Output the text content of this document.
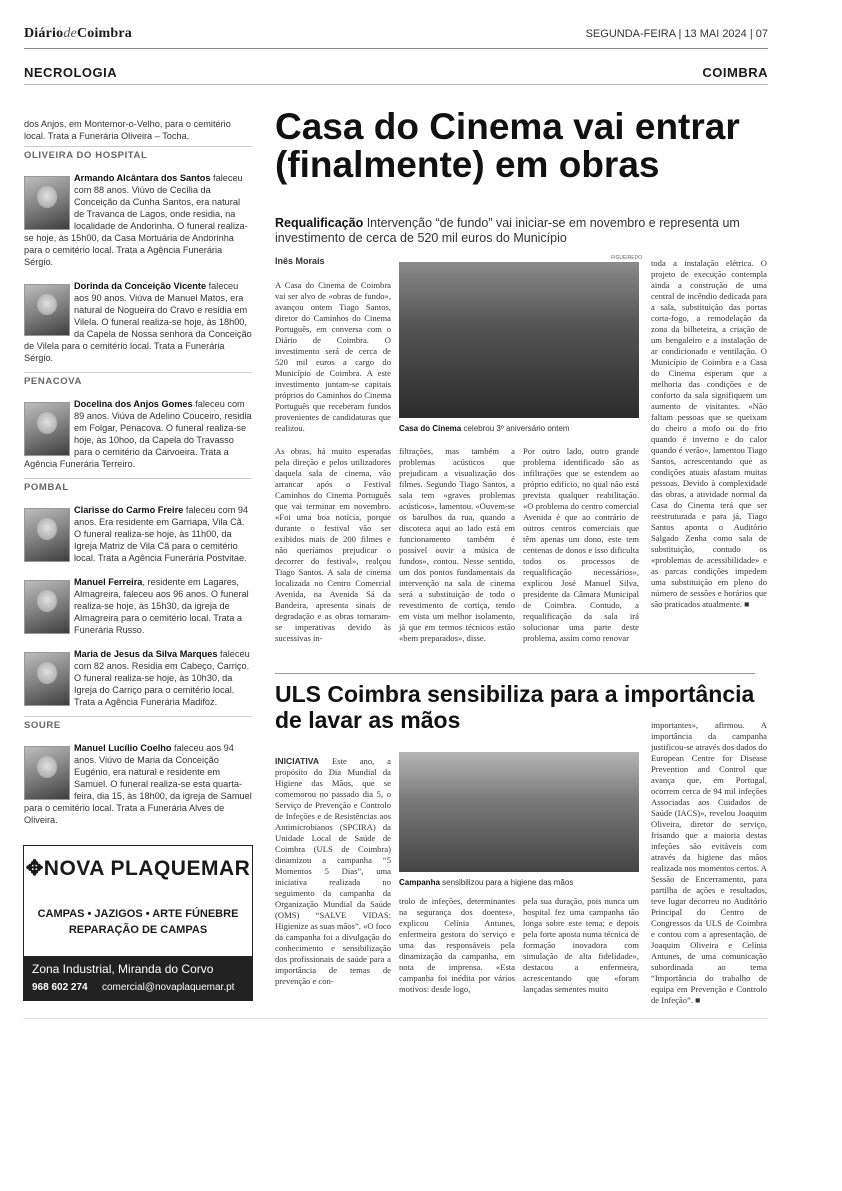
DiáriodeCoimbra	SEGUNDA-FEIRA | 13 MAI 2024 | 07
NECROLOGIA	COIMBRA
dos Anjos, em Montemor-o-Velho, para o cemitério local. Trata a Funerária Oliveira – Tocha.
OLIVEIRA DO HOSPITAL
Armando Alcântara dos Santos faleceu com 88 anos. Viúvo de Cecília da Conceição da Cunha Santos, era natural de Travanca de Lagos, onde residia, na localidade de Andorinha. O funeral realiza-se hoje, às 15h00, da Casa Mortuária de Andorinha para o cemitério local. Trata a Agência Funerária Sérgio.
Dorinda da Conceição Vicente faleceu aos 90 anos. Viúva de Manuel Matos, era natural de Nogueira do Cravo e residia em Vilela. O funeral realiza-se hoje, às 18h00, da Capela de Nossa senhora da Conceição de Vilela para o cemitério local. Trata a Funerária Sérgio.
PENACOVA
Docelina dos Anjos Gomes faleceu com 89 anos. Viúva de Adelino Couceiro, residia em Folgar, Penacova. O funeral realiza-se hoje, às 10hoo, da Capela do Travasso para o cemitério da Carvoeira. Trata a Agência Funerária Terreiro.
POMBAL
Clarisse do Carmo Freire faleceu com 94 anos. Era residente em Garriapa, Vila Cã. O funeral realiza-se hoje, às 11h00, da Igreja Matriz de Vila Cã para o cemitério local. Trata a Agência Funerária Postvitae.
Manuel Ferreira, residente em Lagares, Almagreira, faleceu aos 96 anos. O funeral realiza-se hoje, às 15h30, da igreja de Almagreira para o cemitério local. Trata a Funerária Russo.
Maria de Jesus da Silva Marques faleceu com 82 anos. Residia em Cabeço, Carriço. O funeral realiza-se hoje, às 10h30, da Igreja do Carriço para o cemitério local. Trata a Agência Funerária Madifoz.
SOURE
Manuel Lucílio Coelho faleceu aos 94 anos. Viúvo de Maria da Conceição Eugénio, era natural e residente em Samuel. O funeral realiza-se esta quarta-feira, dia 15, às 18h00, da igreja de Samuel para o cemitério local. Trata a Funerária Alves de Oliveira.
✥NOVA PLAQUEMAR
CAMPAS • JAZIGOS • ARTE FÚNEBRE
REPARAÇÃO DE CAMPAS
Zona Industrial, Miranda do Corvo
968 602 274 comercial@novaplaquemar.pt
Casa do Cinema vai entrar (finalmente) em obras
Requalificação Intervenção “de fundo” vai iniciar-se em novembro e representa um investimento de cerca de 520 mil euros do Município
Inês Morais	FIGUEIREDO
Casa do Cinema celebrou 3º aniversário ontem
A Casa do Cinema de Coimbra vai ser alvo de «obras de fundo», avançou ontem Tiago Santos, diretor do Caminhos do Cinema Português, em conversa com o Diário de Coimbra. O investimento será de cerca de 520 mil euros a cargo do Município de Coimbra. A este investimento juntam-se capitais próprios do Caminhos do Cinema Português que receberam fundos provenientes de candidaturas que realizou.
As obras, há muito esperadas pela direção e pelos utilizadores daquela sala de cinema, vão arrancar após o Festival Caminhos do Cinema Português que vai terminar em novembro. «Foi uma boa notícia, porque durante o festival vão ser exibidos mais de 200 filmes e não queríamos prejudicar o decorrer do festival», realçou Tiago Santos. A sala de cinema localizada no Centro Comercial Avenida, na Avenida Sá da Bandeira, apresenta sinais de degradação e as obras tornaram-se imperativas devido às sucessivas in-
filtrações, mas também a problemas acústicos que prejudicam a visualização dos filmes. Segundo Tiago Santos, a sala tem «graves problemas acústicos», lamentou. «Ouvem-se os barulhos da rua, quando a discoteca aqui ao lado está em funcionamento também é possível ouvir a música de fundos», contou. Nesse sentido, um dos pontos fundamentais da intervenção na sala de cinema será a substituição de todo o revestimento de cortiça, tendo em vista um melhor isolamento, já que em termos técnicos estão «bem preparados», disse.
Por outro lado, outro grande problema identificado são as infiltrações que se estendem ao próprio edifício, no qual não está prevista qualquer reabilitação. «O problema do centro comercial Avenida é que ao contrário de outros centros comerciais que têm apenas um dono, este tem centenas de donos e isso dificulta todos os processos de requalificação necessários», explicou José Manuel Silva, presidente da Câmara Municipal de Coimbra. Contudo, a requalificação da sala irá solucionar uma parte deste problema, assim como renovar
toda a instalação elétrica. O projeto de execução contempla ainda a construção de uma central de incêndio dedicada para a sala, substituição das portas corta-fogo, a remodelação da zona da bilheteira, a criação de um bengaleiro e a instalação de ar condicionado e ventilação. O Município de Coimbra e a Casa do Cinema esperam que a melhoria das condições e de conforto da sala signifiquem um aumento de visitantes. «Não faltam pessoas que se queixam do cheiro a mofo ou do frio quando é inverno e do calor quando é verão», lamentou Tiago Santos, acrescentando que as condições atuais afastam muitas pessoas. Devido à complexidade das obras, a atividade normal da Casa do Cinema terá que ser reestruturada e para já, Tiago Santos aponta o Auditório Salgado Zenha como sala de substituição, contudo os «problemas de acessibilidade» e as parcas condições impedem uma substituição em pleno do número de sessões e horários que são praticados atualmente. ■
ULS Coimbra sensibiliza para a importância de lavar as mãos
Campanha sensibilizou para a higiene das mãos
INICIATIVA Este ano, a propósito do Dia Mundial da Higiene das Mãos, que se comemorou no passado dia 5, o Serviço de Prevenção e Controlo de Infeções e de Resistências aos Antimicrobianos (SPCIRA) da Unidade Local de Saúde de Coimbra (ULS de Coimbra) dinamizou a campanha “5 Momentos 5 Dias”, uma iniciativa realizada no seguimento da campanha da Organização Mundial da Saúde (OMS) “SALVE VIDAS: Higienize as suas mãos”. «O foco da campanha foi a divulgação do conhecimento e sensibilização dos profissionais de saúde para a importância de temas de prevenção e con-
trolo de infeções, determinantes na segurança dos doentes», explicou Celínia Antunes, enfermeira gestora do serviço e uma das responsáveis pela dinamização da campanha, em nota de imprensa. «Esta campanha foi inédita por vários motivos: desde logo,
pela sua duração, pois nunca um hospital fez uma campanha tão longa sobre este tema; e depois pela forte aposta numa técnica de formação inovadora com simulação de alta fidelidade», destacou a enfermeira, acrescentando que «foram lançadas sementes muito
importantes», afirmou. A importância da campanha justificou-se através dos dados do European Centre for Disease Prevention and Control que avança que, em Portugal, ocorrem cerca de 94 mil infeções Associadas aos Cuidados de Saúde (IACS)», revelou Joaquim Oliveira, diretor do serviço, frisando que a maioria destas infeções são evitáveis com através da higiene das mãos realizada nos momentos certos. A Sessão de Encerramento, para partilha de ações e resultados, teve lugar decorreu no Auditório Principal do Centro de Congressos da ULS de Coimbra e contou com a apresentação, de Joaquim Oliveira e Celínia Antunes, de uma comunicação subordinada ao tema “Importância do trabalho de equipa em Prevenção e Controlo de Infeção”. ■
